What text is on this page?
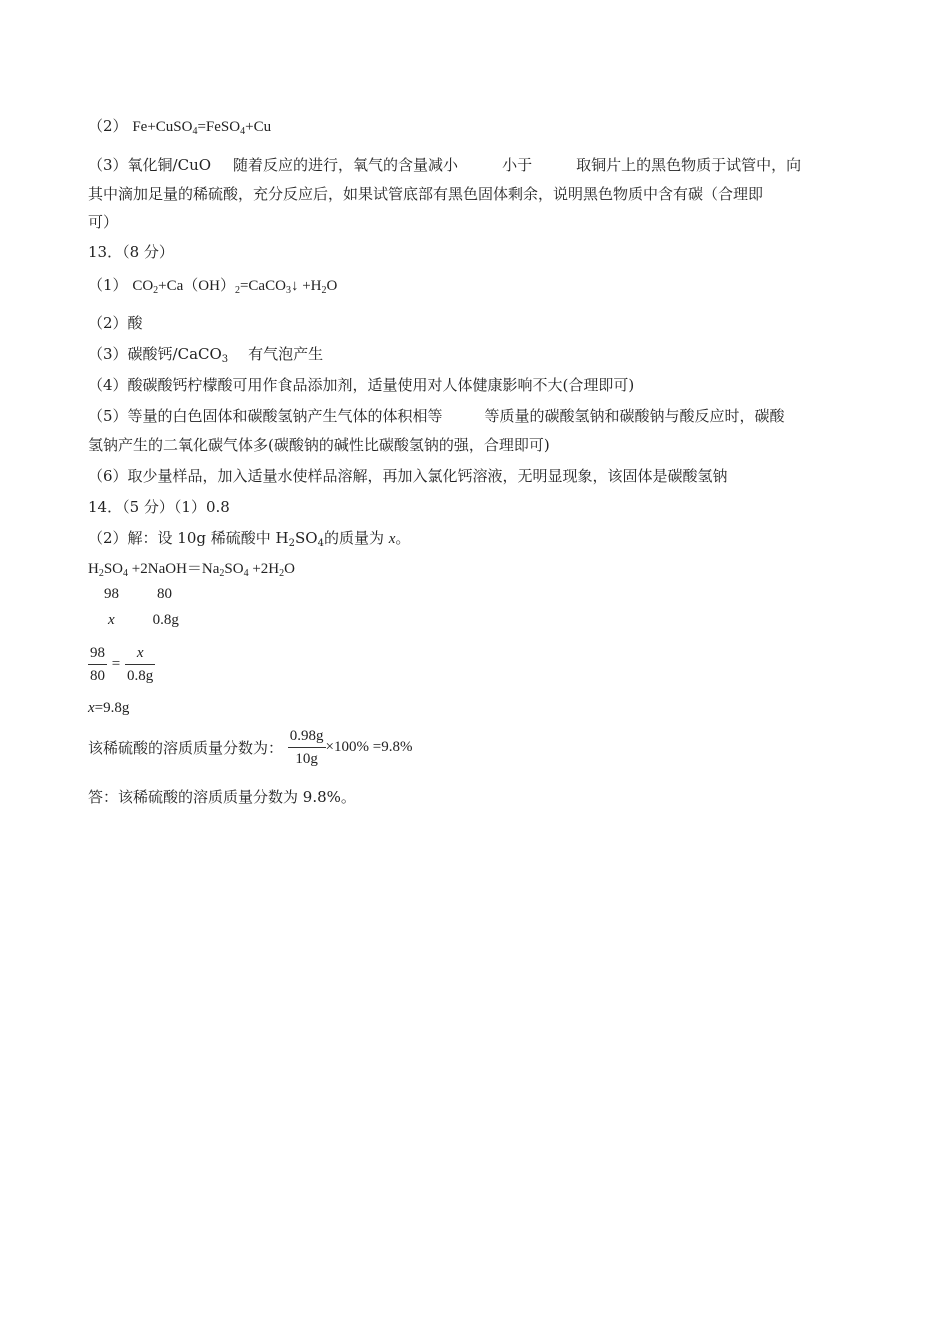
（2） Fe+CuSO$_4$=FeSO$_4$+Cu
（3）氧化铜/CuO 随着反应的进行，氧气的含量减小	小于	取铜片上的黑色物质于试管中，向
其中滴加足量的稀硫酸，充分反应后，如果试管底部有黑色固体剩余，说明黑色物质中含有碳（合理即
可）
13．（8 分）
（1） $CO_2+Ca(OH)_2=CaCO_3↓ +H_2O$
（2）酸
（3）碳酸钙/CaCO$_3$ 有气泡产生
（4）酸碳酸钙柠檬酸可用作食品添加剂，适量使用对人体健康影响不大(合理即可)
（5）等量的白色固体和碳酸氢钠产生气体的体积相等	等质量的碳酸氢钠和碳酸钠与酸反应时，碳酸
氢钠产生的二氧化碳气体多(碳酸钠的碱性比碳酸氢钠的强，合理即可)
（6）取少量样品，加入适量水使样品溶解，再加入氯化钙溶液，无明显现象，该固体是碳酸氢钠
14．（5 分）（1）0.8
（2）解：设 10g 稀硫酸中 $H_2SO_4$的质量为 x。
$H_2SO_4$ $+2NaOH=Na_2SO_4 +2H_2O$
98	80
x	0.8g
$\frac{98}{80} = \frac{x}{0.8g}$
x=9.8g
该稀硫酸的溶质质量分数为： $\frac{0.98g}{10g} \times 100\% =9.8\%$
答：该稀硫酸的溶质质量分数为 9.8%。
